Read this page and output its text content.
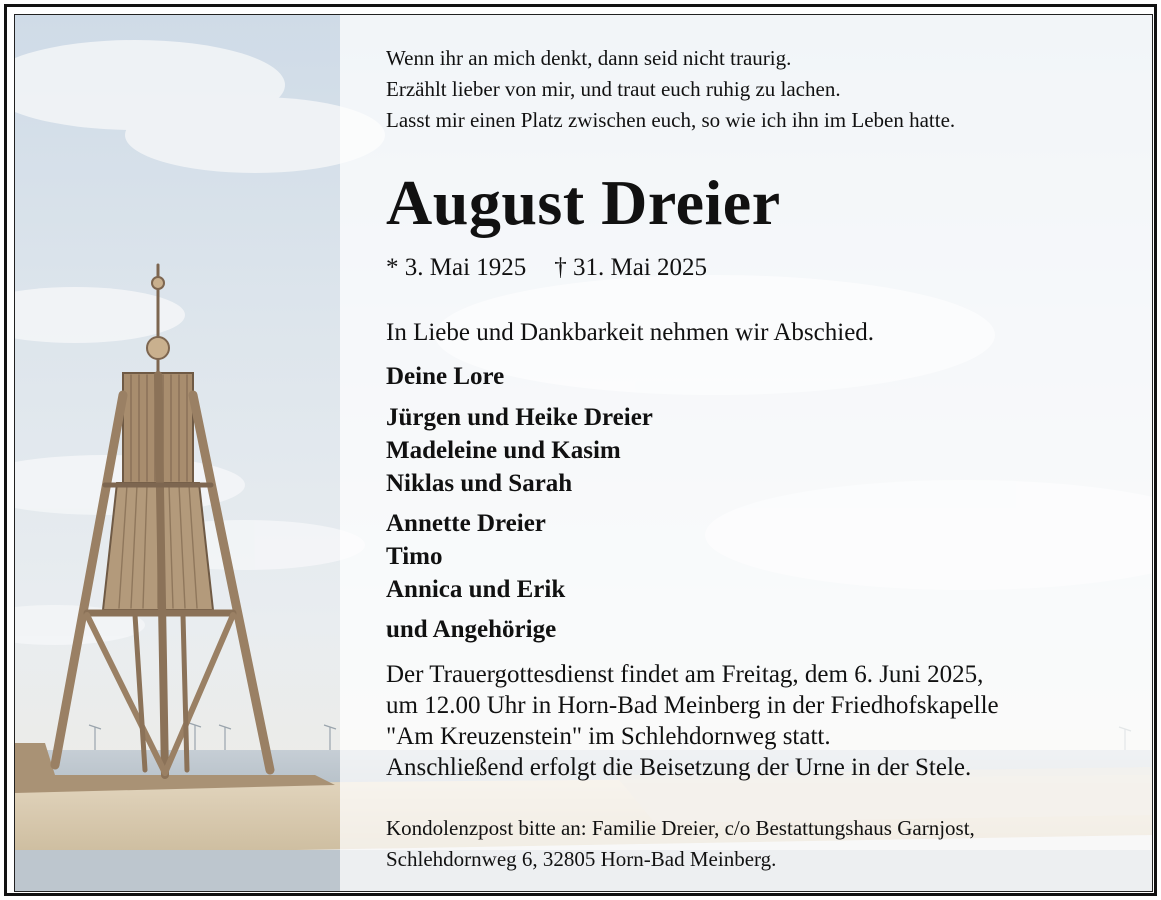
Wenn ihr an mich denkt, dann seid nicht traurig.
Erzählt lieber von mir, und traut euch ruhig zu lachen.
Lasst mir einen Platz zwischen euch, so wie ich ihn im Leben hatte.
August Dreier
* 3. Mai 1925 † 31. Mai 2025
In Liebe und Dankbarkeit nehmen wir Abschied.
Deine Lore
Jürgen und Heike Dreier
Madeleine und Kasim
Niklas und Sarah
Annette Dreier
Timo
Annica und Erik
und Angehörige
Der Trauergottesdienst findet am Freitag, dem 6. Juni 2025,
um 12.00 Uhr in Horn-Bad Meinberg in der Friedhofskapelle
"Am Kreuzenstein" im Schlehdornweg statt.
Anschließend erfolgt die Beisetzung der Urne in der Stele.
Kondolenzpost bitte an: Familie Dreier, c/o Bestattungshaus Garnjost,
Schlehdornweg 6, 32805 Horn-Bad Meinberg.
